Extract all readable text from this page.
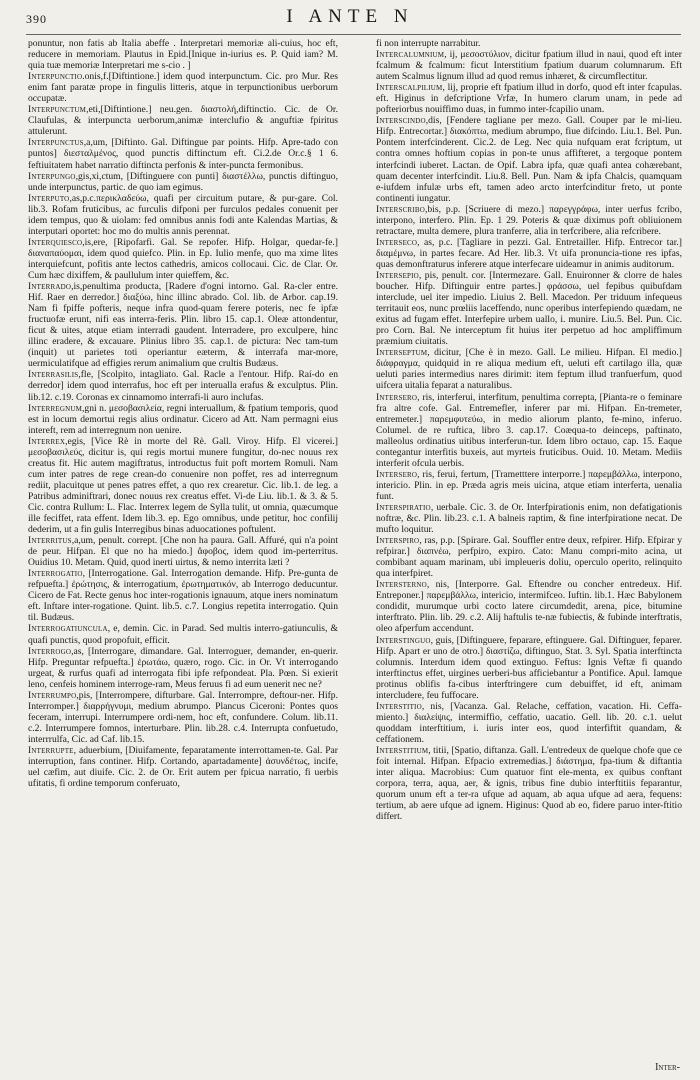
390	I ANTE N

ponuntur, non fatis ab Italia abeffe . Interpretari memoriæ ali-cuius, hoc eft, reducere in memoriam. Plautus in Epid.[Inique in-iurius es. P. Quid iam? M. quia tuæ memoriæ Interpretari me s-cio . ]

Interpunctio.onis,f.[Diftintione.] idem quod interpunctum. Cic. pro Mur. Res enim fant paratæ prope in fingulis litteris, atque in terpunctionibus uerborum occupatæ.

Interpunctum,eti,[Diftintione.] neu.gen. διαστολή,diftinctio. Cic. de Or. Claufulas, & interpuncta uerborum,animæ interclufio & anguftiæ fpiritus attulerunt.

Interpunctus,a,um, [Diftinto. Gal. Diftingue par points. Hifp. Apre-tado con puntos] διεσταλμένος, quod punctis diftinctum eft. Ci.2.de Or.c.§ 1 6. feftiuitatem habet narratio diftincta perfonis & inter-puncta fermonibus.

Interpungo,gis,xi,ctum, [Diftinguere con punti] διαστέλλω, punctis diftinguo, unde interpunctus, partic. de quo iam egimus.

Interputo,as,p.c.περικλαδεύω, quafi per circuitum putare, & pur-gare. Col. lib.3. Rofam fruticibus, ac furculis difponi per furculos pedales conuenit per idem tempus, quo & uiolam: fed omnibus annis fodi ante Kalendas Martias, & interputari oportet: hoc mo do multis annis perennat.

Interquiesco,is,ere, [Ripofarfi. Gal. Se repofer. Hifp. Holgar, quedar-fe.] διαναπαύομαι, idem quod quiefco. Plin. in Ep. Iulio menfe, quo ma xime lites interquiefcunt, pofitis ante lectos cathedris, amicos collocaui. Cic. de Clar. Or. Cum hæc dixiffem, & paullulum inter quieffem, &c.

Interrado,is,penultima producta, [Radere d'ogni intorno. Gal. Ra-cler entre. Hif. Raer en derredor.] διαξύω, hinc illinc abrado. Col. lib. de Arbor. cap.19. Nam fi fpiffe pofteris, neque infra quod-quam ferere poteris, nec fe ipfæ fructuofæ erunt, nifi eas interra-feris. Plin. libro 15. cap.1. Oleæ attondentur, ficut & uites, atque etiam interradi gaudent. Interradere, pro exculpere, hinc illinc eradere, & excauare. Plinius libro 35. cap.1. de pictura: Nec tam-tum (inquit) ut parietes toti operiantur eæterm, & interrafa mar-more, uermiculatifque ad effigies rerum animalium que crultis Budæus.

Interrasilis,fle, [Scolpito, intagliato. Gal. Racle a l'entour. Hifp. Raí-do en derredor] idem quod interrafus, hoc eft per interualla erafus & exculptus. Plin. lib.12. c.19. Coronas ex cinnamomo interrafi-li auro inclufas.

Interregnum,gni n. μεσοβασιλεία, regni interuallum, & fpatium temporis, quod est in locum demortui regis alius ordinatur. Cicero ad Att. Nam permagni eius intereft, rem ad interregnum non uenire.

Interrex,egis, [Vice Rè in morte del Rè. Gall. Viroy. Hifp. El vicerei.] μεσοβασιλεύς, dicitur is, qui regis mortui munere fungitur, do-nec nouus rex creatus fit. Hic autem magiftratus, introductus fuit poft mortem Romuli. Nam cum inter patres de rege crean-do conuenire non poffet, res ad interregnum rediit, placuitque ut penes patres effet, a quo rex crearetur. Cic. lib.1. de leg. a Patribus adminiftrari, donec nouus rex creatus effet. Vi-de Liu. lib.1. & 3. & 5. Cic. contra Rullum: L. Flac. Interrex legem de Sylla tulit, ut omnia, quæcumque ille feciffet, rata effent. Idem lib.3. ep. Ego omnibus, unde petitur, hoc confilij dederim, ut a fin gulis Interregibus binas aduocationes poftulent.

Interritus,a,um, penult. corrept. [Che non ha paura. Gall. Affuré, qui n'a point de peur. Hifpan. El que no ha miedo.] ἄφοβος, idem quod im-perterritus. Ouidius 10. Metam. Quid, quod inerti uirtus, & nemo interrita læti ?

Interrogatio, [Interrogatione. Gal. Interrogation demande. Hifp. Pre-gunta de refpuefta.] ἐρώτησις, & interrogatium, ἐρωτηματικόν, ab Interrogo deducuntur. Cicero de Fat. Recte genus hoc inter-rogationis ignauum, atque iners nominatum eft. Inftare inter-rogatione. Quint. lib.5. c.7. Longius repetita interrogatio. Quin til. Budæus.

Interrogatiuncula, e, demin. Cic. in Parad. Sed multis interro-gatiunculis, & quafi punctis, quod propofuit, efficit.

Interrogo,as, [Interrogare, dimandare. Gal. Interroguer, demander, en-querir. Hifp. Preguntar refpuefta.] ἐρωτάω, quæro, rogo. Cic. in Or. Vt interrogando urgeat, & rurfus quafi ad interrogata fibi ipfe refpondeat. Pla. Pœn. Si exierit leno, cenfeis hominem interroge-ram, Meus feruus fi ad eum uenerit nec ne?

Interrumpo,pis, [Interrompere, difturbare. Gal. Interrompre, deftour-ner. Hifp. Interromper.] διαρρήγνυμι, medium abrumpo. Plancus Ciceroni: Pontes quos feceram, interrupi. Interrumpere ordi-nem, hoc eft, confundere. Colum. lib.11. c.2. Interrumpere fomnos, interturbare. Plin. lib.28. c.4. Interrupta confuetudo, interrrulfa, Cic. ad Caf. lib.15.

Interrupte, aduerbium, [Diuifamente, feparatamente interrottamen-te. Gal. Par interruption, fans continer. Hifp. Cortando, apartadamente] ἀσυνδέτως, incife, uel cæfim, aut diuife. Cic. 2. de Or. Erit autem per fpicua narratio, fi uerbis ufitatis, fi ordine temporum conferuato,

fi non interrupte narrabitur.

Intercalumnium, ij, μεσοστύλιον, dicitur fpatium illud in naui, quod eft inter fcalmum & fcalmum: ficut Interstitium fpatium duarum columnarum. Eft autem Scalmus lignum illud ad quod remus inhæret, & circumflectitur.

Interscalpilium, lij, proprie eft fpatium illud in dorfo, quod eft inter fcapulas. eft. Higinus in defcriptione Vrfæ, In humero clarum unam, in pede ad pofteriorbus nouiffimo duas, in fummo inter-fcapilio unam.

Interscindo,dis, [Fendere tagliane per mezo. Gall. Couper par le mi-lieu. Hifp. Entrecortar.] διακόπτω, medium abrumpo, fiue difcindo. Liu.1. Bel. Pun. Pontem interfcinderent. Cic.2. de Leg. Nec quia nufquam erat fcriptum, ut contra omnes hoftium copias in pon-te unus affifteret, a tergoque pontem interfcindi iuberet. Lactan. de Opif. Labra ipfa, quæ quafi antea cohærebant, quam decenter interfcindit. Liu.8. Bell. Pun. Nam & ipfa Chalcis, quamquam e-iufdem infulæ urbs eft, tamen adeo arcto interfcinditur freto, ut ponte continenti iungatur.

Interscribo,bis, p.p. [Scriuere di mezo.] παρεγγράφω, inter uerfus fcribo, interpono, interfero. Plin. Ep. 1 29. Poteris & quæ diximus poft obliuionem retractare, multa demere, plura tranferre, alia in terfcribere, alia refcribere.

Interseco, as, p.c. [Tagliare in pezzi. Gal. Entretailler. Hifp. Entrecor tar.] διαμέμνω, in partes fecare. Ad Her. lib.3. Vt uifa pronuncia-tione res ipfas, quas demonftraturus inferere atque interfecare uideamur in animis auditorum.

Intersepio, pis, penult. cor. [Intermezare. Gall. Enuironner & clorre de hales boucher. Hifp. Diftinguir entre partes.] φράσσω, uel fepibus quibufdam interclude, uel iter impedio. Liuius 2. Bell. Macedon. Per triduum infequeus territauit eos, nunc prœliis laceffendo, nunc operibus interfepiendo quædam, ne exitus ad fugam effet. Interfepire urbem uallo, i. munire. Liu.5. Bel. Pun. Cic. pro Corn. Bal. Ne interceptum fit huius iter perpetuo ad hoc ampliffimum præmium ciuitatis.

Interseptum, dicitur, [Che è in mezo. Gall. Le milieu. Hifpan. El medio.] διάφραγμα, quidquid in re aliqua medium eft, ueluti eft cartilago illa, quæ ueluti paries intermedius nares dirimit: item feptum illud tranfuerfum, quod uifcera uitalia feparat a naturalibus.

Intersero, ris, interferui, interfitum, penultima correpta, [Pianta-re o feminare fra altre cofe. Gal. Entremefler, inferer par mi. Hifpan. En-tremeter, entremeter.] παρεμφυτεύω, in medio aliorum planto, fe-mino, inferuo. Columel. de re ruftica, libro 3. cap.17. Coæqua-to deinceps, paftinato, malleolus ordinatius uitibus interferun-tur. Idem libro octauo, cap. 15. Eaque contegantur interfitis buxeis, aut myrteis fruticibus. Ouid. 10. Metam. Mediis interferit ofcula uerbis.

Intersero, ris, ferui, fertum, [Trametttere interporre.] παρεμβάλλω, interpono, intericio. Plin. in ep. Præda agris meis uicina, atque etiam interferta, uenalia funt.

Interspiratio, uerbale. Cic. 3. de Or. Interfpirationis enim, non defatigationis noftræ, &c. Plin. lib.23. c.1. A balneis raptim, & fine interfpiratione necat. De mufto loquitur.

Interspiro, ras, p.p. [Spirare. Gal. Souffler entre deux, refpirer. Hifp. Efpirar y refpirar.] διαπνέω, perfpiro, expiro. Cato: Manu compri-mito acina, ut combibant aquam marinam, ubi impleueris doliu, operculo operito, relinquito qua interfpiret.

Intersterno, nis, [Interporre. Gal. Eftendre ou concher entredeux. Hif. Entreponer.] παρεμβάλλω, intericio, intermifceo. Iuftin. lib.1. Hæc Babylonem condidit, murumque urbi cocto latere circumdedit, arena, pice, bitumine interftrato. Plin. lib. 29. c.2. Alij haftulis te-næ fubiectis, & fubinde interftratis, oleo afperfum accendunt.

Interstinguo, guis, [Diftinguere, feparare, eftinguere. Gal. Diftinguer, feparer. Hifp. Apart er uno de otro.] διαστίζω, diftinguo, Stat. 3. Syl. Spatia interftincta columnis. Interdum idem quod extinguo. Feftus: Ignis Veftæ fi quando interftinctus effet, uirgines uerberi-bus afficiebantur a Pontifice. Apul. Iamque protinus oblifis fa-cibus interftringere cum debuiffet, id eft, animam intercludere, feu fuffocare.

Interstitio, nis, [Vacanza. Gal. Relache, ceffation, vacation. Hi. Ceffa-miento.] διαλείψις, intermiffio, ceffatio, uacatio. Gell. lib. 20. c.1. uelut quoddam interftitium, i. iuris inter eos, quod interfiftit quandam, & ceffationem.

Interstitium, titii, [Spatio, diftanza. Gall. L'entredeux de quelque chofe que ce foit internal. Hifpan. Efpacio extremedias.] διάστημα, fpa-tium & diftantia inter aliqua. Macrobius: Cum quatuor fint ele-menta, ex quibus conftant corpora, terra, aqua, aer, & ignis, tribus fine dubio interftitiis feparantur, quorum unum eft a ter-ra ufque ad aquam, ab aqua ufque ad aera, fequens: tertium, ab aere ufque ad ignem. Higinus: Quod ab eo, fidere paruo inter-ftitio differt.

Inter-
